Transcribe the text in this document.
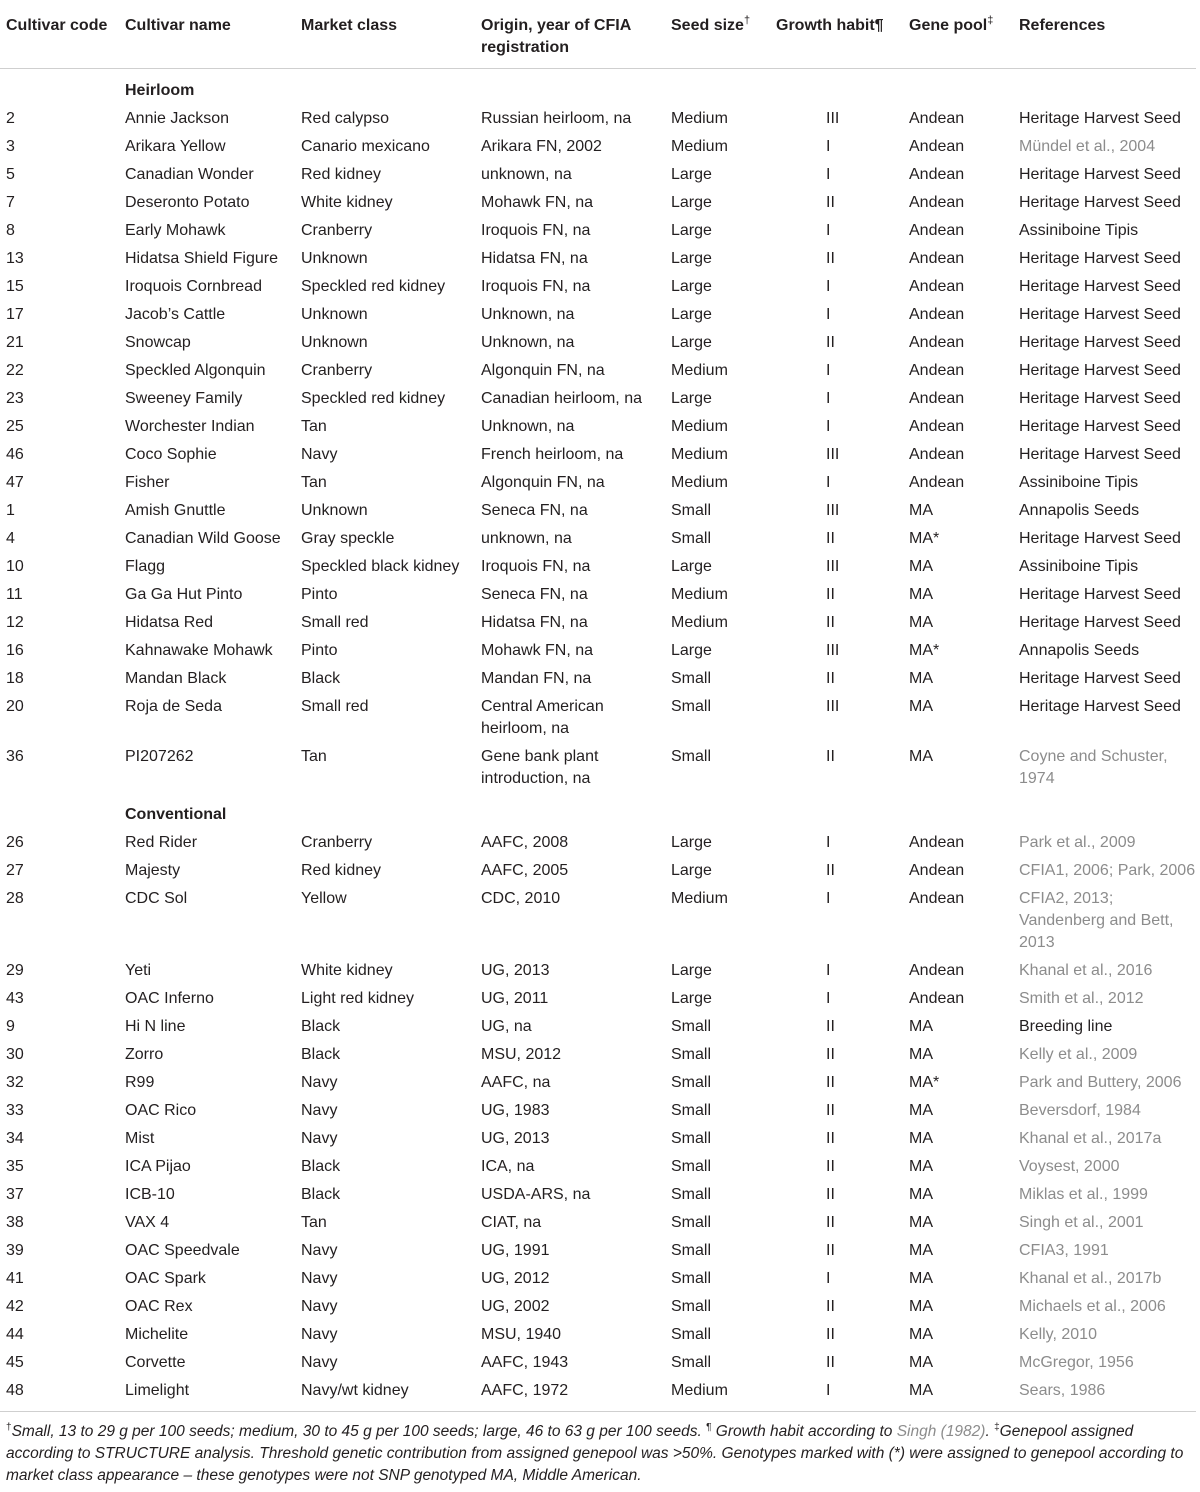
Cultivar code	Cultivar name	Market class	Origin, year of CFIA registration	Seed size†	Growth habit¶	Gene pool‡	References
	Heirloom						
2	Annie Jackson	Red calypso	Russian heirloom, na	Medium	III	Andean	Heritage Harvest Seed
3	Arikara Yellow	Canario mexicano	Arikara FN, 2002	Medium	I	Andean	Mündel et al., 2004
5	Canadian Wonder	Red kidney	unknown, na	Large	I	Andean	Heritage Harvest Seed
7	Deseronto Potato	White kidney	Mohawk FN, na	Large	II	Andean	Heritage Harvest Seed
8	Early Mohawk	Cranberry	Iroquois FN, na	Large	I	Andean	Assiniboine Tipis
13	Hidatsa Shield Figure	Unknown	Hidatsa FN, na	Large	II	Andean	Heritage Harvest Seed
15	Iroquois Cornbread	Speckled red kidney	Iroquois FN, na	Large	I	Andean	Heritage Harvest Seed
17	Jacob’s Cattle	Unknown	Unknown, na	Large	I	Andean	Heritage Harvest Seed
21	Snowcap	Unknown	Unknown, na	Large	II	Andean	Heritage Harvest Seed
22	Speckled Algonquin	Cranberry	Algonquin FN, na	Medium	I	Andean	Heritage Harvest Seed
23	Sweeney Family	Speckled red kidney	Canadian heirloom, na	Large	I	Andean	Heritage Harvest Seed
25	Worchester Indian	Tan	Unknown, na	Medium	I	Andean	Heritage Harvest Seed
46	Coco Sophie	Navy	French heirloom, na	Medium	III	Andean	Heritage Harvest Seed
47	Fisher	Tan	Algonquin FN, na	Medium	I	Andean	Assiniboine Tipis
1	Amish Gnuttle	Unknown	Seneca FN, na	Small	III	MA	Annapolis Seeds
4	Canadian Wild Goose	Gray speckle	unknown, na	Small	II	MA*	Heritage Harvest Seed
10	Flagg	Speckled black kidney	Iroquois FN, na	Large	III	MA	Assiniboine Tipis
11	Ga Ga Hut Pinto	Pinto	Seneca FN, na	Medium	II	MA	Heritage Harvest Seed
12	Hidatsa Red	Small red	Hidatsa FN, na	Medium	II	MA	Heritage Harvest Seed
16	Kahnawake Mohawk	Pinto	Mohawk FN, na	Large	III	MA*	Annapolis Seeds
18	Mandan Black	Black	Mandan FN, na	Small	II	MA	Heritage Harvest Seed
20	Roja de Seda	Small red	Central American heirloom, na	Small	III	MA	Heritage Harvest Seed
36	PI207262	Tan	Gene bank plant introduction, na	Small	II	MA	Coyne and Schuster, 1974
	Conventional						
26	Red Rider	Cranberry	AAFC, 2008	Large	I	Andean	Park et al., 2009
27	Majesty	Red kidney	AAFC, 2005	Large	II	Andean	CFIA1, 2006; Park, 2006
28	CDC Sol	Yellow	CDC, 2010	Medium	I	Andean	CFIA2, 2013; Vandenberg and Bett, 2013
29	Yeti	White kidney	UG, 2013	Large	I	Andean	Khanal et al., 2016
43	OAC Inferno	Light red kidney	UG, 2011	Large	I	Andean	Smith et al., 2012
9	Hi N line	Black	UG, na	Small	II	MA	Breeding line
30	Zorro	Black	MSU, 2012	Small	II	MA	Kelly et al., 2009
32	R99	Navy	AAFC, na	Small	II	MA*	Park and Buttery, 2006
33	OAC Rico	Navy	UG, 1983	Small	II	MA	Beversdorf, 1984
34	Mist	Navy	UG, 2013	Small	II	MA	Khanal et al., 2017a
35	ICA Pijao	Black	ICA, na	Small	II	MA	Voysest, 2000
37	ICB-10	Black	USDA-ARS, na	Small	II	MA	Miklas et al., 1999
38	VAX 4	Tan	CIAT, na	Small	II	MA	Singh et al., 2001
39	OAC Speedvale	Navy	UG, 1991	Small	II	MA	CFIA3, 1991
41	OAC Spark	Navy	UG, 2012	Small	I	MA	Khanal et al., 2017b
42	OAC Rex	Navy	UG, 2002	Small	II	MA	Michaels et al., 2006
44	Michelite	Navy	MSU, 1940	Small	II	MA	Kelly, 2010
45	Corvette	Navy	AAFC, 1943	Small	II	MA	McGregor, 1956
48	Limelight	Navy/wt kidney	AAFC, 1972	Medium	I	MA	Sears, 1986
†Small, 13 to 29 g per 100 seeds; medium, 30 to 45 g per 100 seeds; large, 46 to 63 g per 100 seeds. ¶ Growth habit according to Singh (1982). ‡Genepool assigned according to STRUCTURE analysis. Threshold genetic contribution from assigned genepool was >50%. Genotypes marked with (*) were assigned to genepool according to market class appearance – these genotypes were not SNP genotyped MA, Middle American.
